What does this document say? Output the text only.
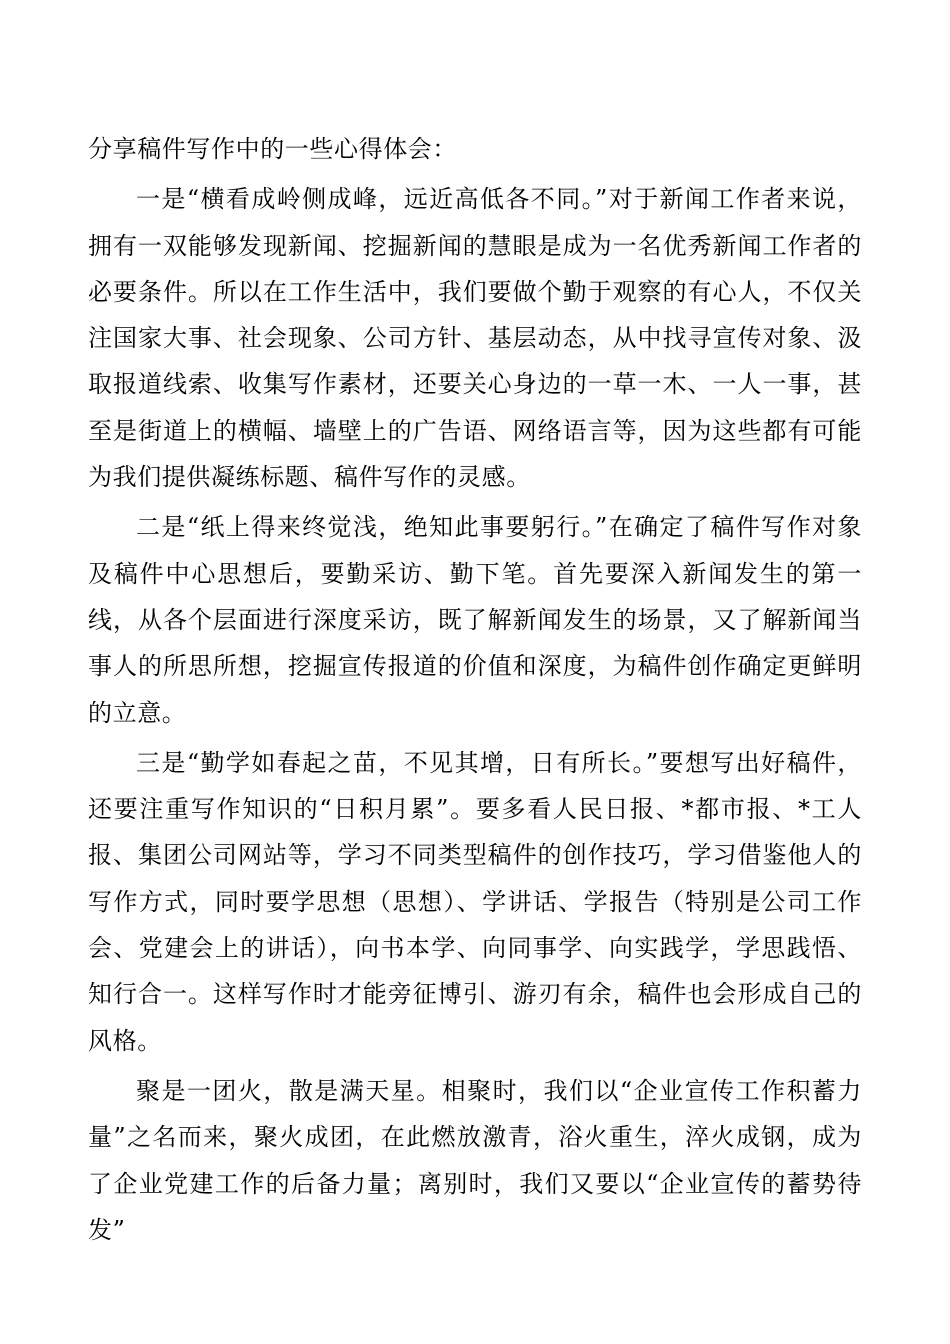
分享稿件写作中的一些心得体会：

一是“横看成岭侧成峰，远近高低各不同。”对于新闻工作者来说，拥有一双能够发现新闻、挖掘新闻的慧眼是成为一名优秀新闻工作者的必要条件。所以在工作生活中，我们要做个勤于观察的有心人，不仅关注国家大事、社会现象、公司方针、基层动态，从中找寻宣传对象、汲取报道线索、收集写作素材，还要关心身边的一草一木、一人一事，甚至是街道上的横幅、墙壁上的广告语、网络语言等，因为这些都有可能为我们提供凝练标题、稿件写作的灵感。

二是“纸上得来终觉浅，绝知此事要躬行。”在确定了稿件写作对象及稿件中心思想后，要勤采访、勤下笔。首先要深入新闻发生的第一线，从各个层面进行深度采访，既了解新闻发生的场景，又了解新闻当事人的所思所想，挖掘宣传报道的价值和深度，为稿件创作确定更鲜明的立意。

三是“勤学如春起之苗，不见其增，日有所长。”要想写出好稿件，还要注重写作知识的“日积月累”。要多看人民日报、*都市报、*工人报、集团公司网站等，学习不同类型稿件的创作技巧，学习借鉴他人的写作方式，同时要学思想（思想）、学讲话、学报告（特别是公司工作会、党建会上的讲话），向书本学、向同事学、向实践学，学思践悟、知行合一。这样写作时才能旁征博引、游刃有余，稿件也会形成自己的风格。

聚是一团火，散是满天星。相聚时，我们以“企业宣传工作积蓄力量”之名而来，聚火成团，在此燃放激青，浴火重生，淬火成钢，成为了企业党建工作的后备力量；离别时，我们又要以“企业宣传的蓄势待发”
